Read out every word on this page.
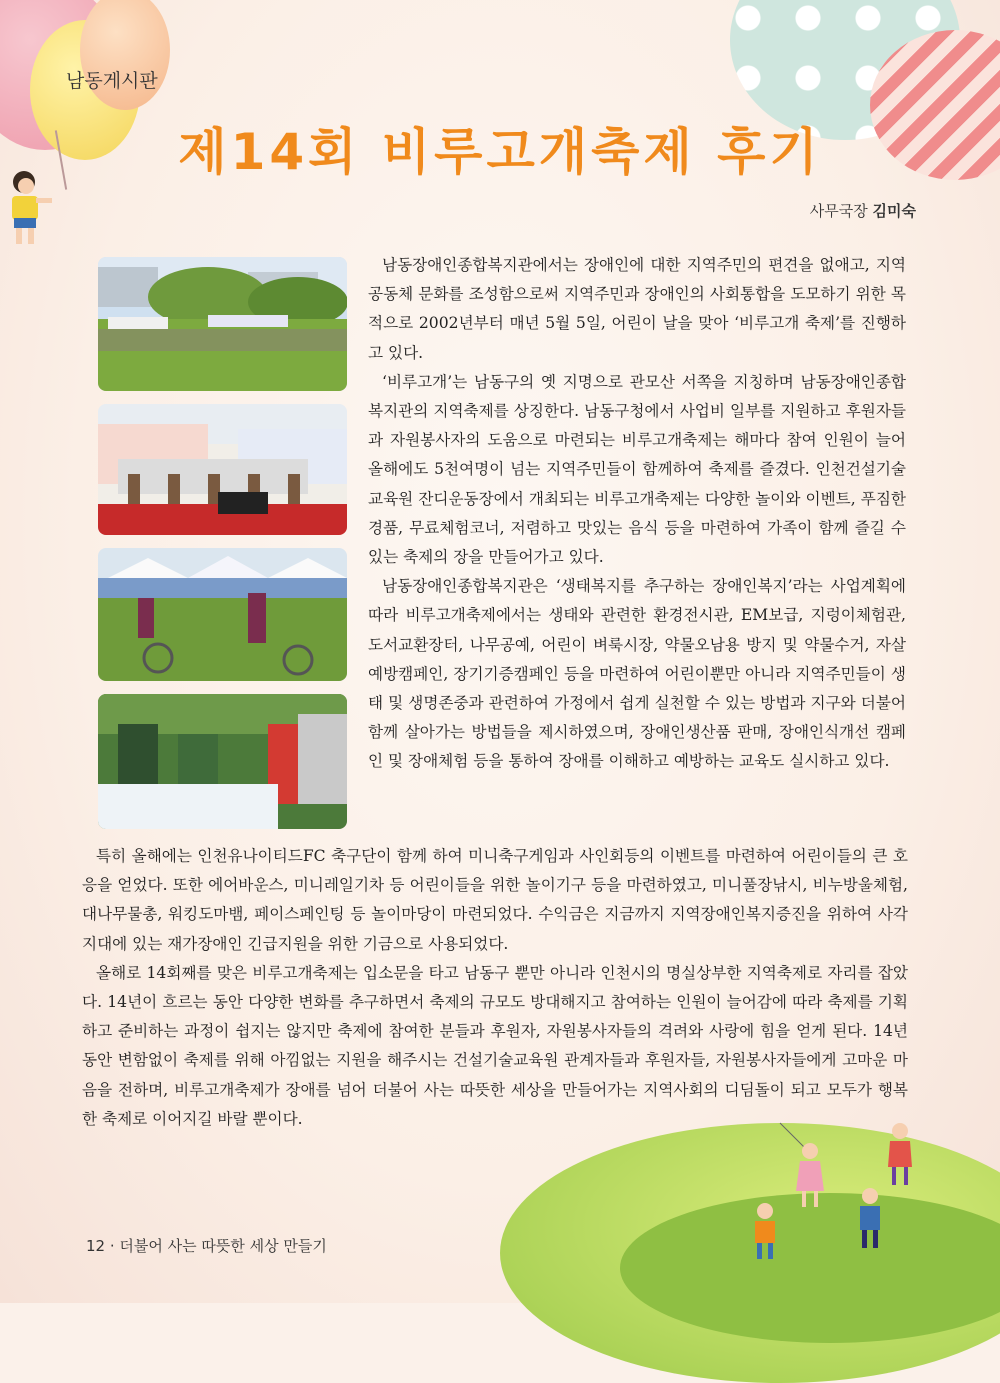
남동게시판
제14회 비루고개축제 후기
사무국장 김미숙

남동장애인종합복지관에서는 장애인에 대한 지역주민의 편견을 없애고, 지역공동체 문화를 조성함으로써 지역주민과 장애인의 사회통합을 도모하기 위한 목적으로 2002년부터 매년 5월 5일, 어린이 날을 맞아 ‘비루고개 축제’를 진행하고 있다.

‘비루고개’는 남동구의 옛 지명으로 관모산 서쪽을 지칭하며 남동장애인종합복지관의 지역축제를 상징한다. 남동구청에서 사업비 일부를 지원하고 후원자들과 자원봉사자의 도움으로 마련되는 비루고개축제는 해마다 참여 인원이 늘어 올해에도 5천여명이 넘는 지역주민들이 함께하여 축제를 즐겼다. 인천건설기술교육원 잔디운동장에서 개최되는 비루고개축제는 다양한 놀이와 이벤트, 푸짐한 경품, 무료체험코너, 저렴하고 맛있는 음식 등을 마련하여 가족이 함께 즐길 수 있는 축제의 장을 만들어가고 있다.

남동장애인종합복지관은 ‘생태복지를 추구하는 장애인복지’라는 사업계획에 따라 비루고개축제에서는 생태와 관련한 환경전시관, EM보급, 지렁이체험관, 도서교환장터, 나무공예, 어린이 벼룩시장, 약물오남용 방지 및 약물수거, 자살예방캠페인, 장기기증캠페인 등을 마련하여 어린이뿐만 아니라 지역주민들이 생태 및 생명존중과 관련하여 가정에서 쉽게 실천할 수 있는 방법과 지구와 더불어 함께 살아가는 방법들을 제시하였으며, 장애인생산품 판매, 장애인식개선 캠페인 및 장애체험 등을 통하여 장애를 이해하고 예방하는 교육도 실시하고 있다.

특히 올해에는 인천유나이티드FC 축구단이 함께 하여 미니축구게임과 사인회등의 이벤트를 마련하여 어린이들의 큰 호응을 얻었다. 또한 에어바운스, 미니레일기차 등 어린이들을 위한 놀이기구 등을 마련하였고, 미니풀장낚시, 비누방울체험, 대나무물총, 워킹도마뱀, 페이스페인팅 등 놀이마당이 마련되었다. 수익금은 지금까지 지역장애인복지증진을 위하여 사각지대에 있는 재가장애인 긴급지원을 위한 기금으로 사용되었다.

올해로 14회째를 맞은 비루고개축제는 입소문을 타고 남동구 뿐만 아니라 인천시의 명실상부한 지역축제로 자리를 잡았다. 14년이 흐르는 동안 다양한 변화를 추구하면서 축제의 규모도 방대해지고 참여하는 인원이 늘어감에 따라 축제를 기획하고 준비하는 과정이 쉽지는 않지만 축제에 참여한 분들과 후원자, 자원봉사자들의 격려와 사랑에 힘을 얻게 된다. 14년 동안 변함없이 축제를 위해 아낌없는 지원을 해주시는 건설기술교육원 관계자들과 후원자들, 자원봉사자들에게 고마운 마음을 전하며, 비루고개축제가 장애를 넘어 더불어 사는 따뜻한 세상을 만들어가는 지역사회의 디딤돌이 되고 모두가 행복한 축제로 이어지길 바랄 뿐이다.

12 · 더불어 사는 따뜻한 세상 만들기
